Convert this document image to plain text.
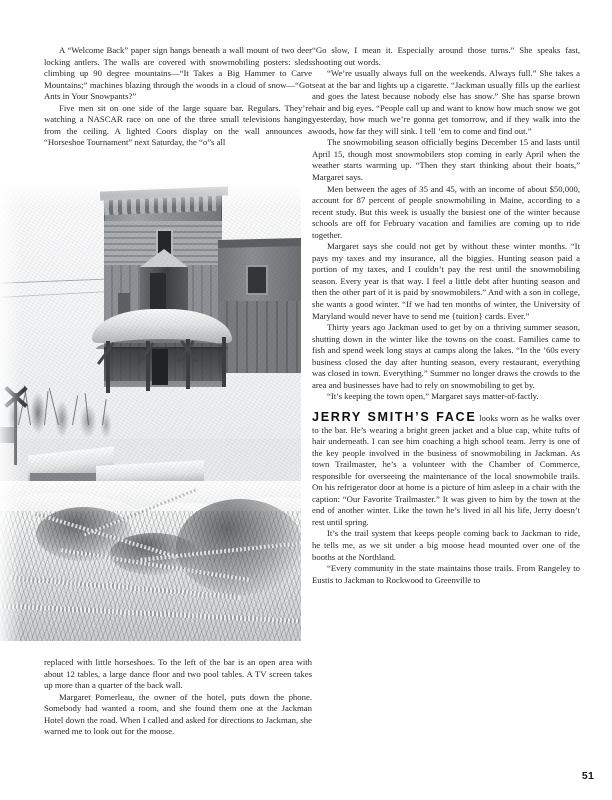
A “Welcome Back” paper sign hangs beneath a wall mount of two deer locking antlers. The walls are covered with snowmobiling posters: sleds climbing up 90 degree mountains—“It Takes a Big Hammer to Carve Mountains;” machines blazing through the woods in a cloud of snow—“Got Ants in Your Snowpants?”

Five men sit on one side of the large square bar. Regulars. They’re watching a NASCAR race on one of the three small televisions hanging from the ceiling. A lighted Coors display on the wall announces a “Horseshoe Tournament” next Saturday, the “o”s all

replaced with little horseshoes. To the left of the bar is an open area with about 12 tables, a large dance floor and two pool tables. A TV screen takes up more than a quarter of the back wall.

Margaret Pomerleau, the owner of the hotel, puts down the phone. Somebody had wanted a room, and she found them one at the Jackman Hotel down the road. When I called and asked for directions to Jackman, she warned me to look out for the moose.

“Go slow, I mean it. Especially around those turns.” She speaks fast, shooting out words.

“We’re usually always full on the weekends. Always full.” She takes a seat at the bar and lights up a cigarette. “Jackman usually fills up the earliest and goes the latest because nobody else has snow.” She has sparse brown hair and big eyes. “People call up and want to know how much snow we got yesterday, how much we’re gonna get tomorrow, and if they walk into the woods, how far they will sink. I tell ’em to come and find out.”

The snowmobiling season officially begins December 15 and lasts until April 15, though most snowmobilers stop coming in early April when the weather starts warming up. “Then they start thinking about their boats,” Margaret says.

Men between the ages of 35 and 45, with an income of about $50,000, account for 87 percent of people snowmobiling in Maine, according to a recent study. But this week is usually the busiest one of the winter because schools are off for February vacation and families are coming up to ride together.

Margaret says she could not get by without these winter months. “It pays my taxes and my insurance, all the biggies. Hunting season paid a portion of my taxes, and I couldn’t pay the rest until the snowmobiling season. Every year is that way. I feel a little debt after hunting season and then the other part of it is paid by snowmobilers.” And with a son in college, she wants a good winter. “If we had ten months of winter, the University of Maryland would never have to send me {tuition} cards. Ever.”

Thirty years ago Jackman used to get by on a thriving summer season, shutting down in the winter like the towns on the coast. Families came to fish and spend week long stays at camps along the lakes. “In the ’60s every business closed the day after hunting season, every restaurant, everything was closed in town. Everything.” Summer no longer draws the crowds to the area and businesses have had to rely on snowmobiling to get by.

“It’s keeping the town open,” Margaret says matter-of-factly.

JERRY SMITH’S FACE looks worn as he walks over to the bar. He’s wearing a bright green jacket and a blue cap, white tufts of hair underneath. I can see him coaching a high school team. Jerry is one of the key people involved in the business of snowmobiling in Jackman. As town Trailmaster, he’s a volunteer with the Chamber of Commerce, responsible for overseeing the maintenance of the local snowmobile trails. On his refrigerator door at home is a picture of him asleep in a chair with the caption: “Our Favorite Trailmaster.” It was given to him by the town at the end of another winter. Like the town he’s lived in all his life, Jerry doesn’t rest until spring.

It’s the trail system that keeps people coming back to Jackman to ride, he tells me, as we sit under a big moose head mounted over one of the booths at the Northland.

“Every community in the state maintains those trails. From Rangeley to Eustis to Jackman to Rockwood to Greenville to

51
